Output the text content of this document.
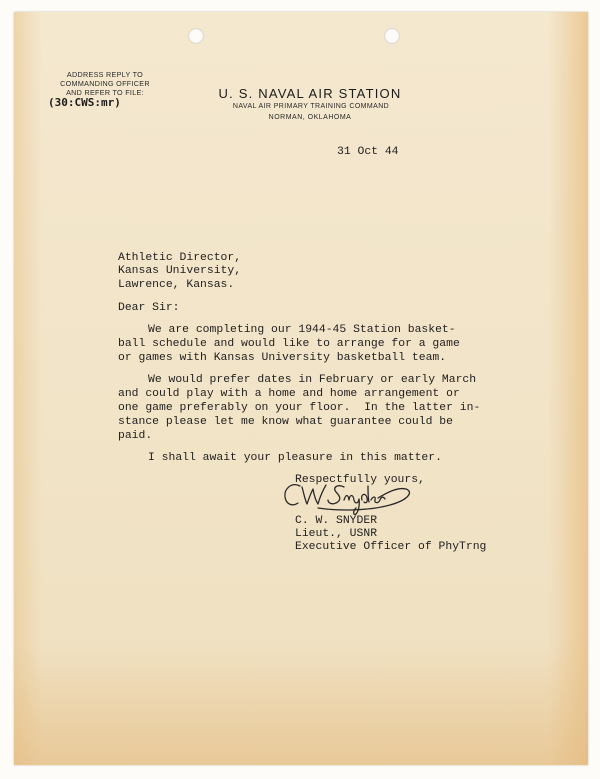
ADDRESS REPLY TO
COMMANDING OFFICER
AND REFER TO FILE:
(30:CWS:mr)
U. S. NAVAL AIR STATION
NAVAL AIR PRIMARY TRAINING COMMAND
NORMAN, OKLAHOMA
31 Oct 44
Athletic Director,
Kansas University,
Lawrence, Kansas.
Dear Sir:
We are completing our 1944-45 Station basket-
ball schedule and would like to arrange for a game
or games with Kansas University basketball team.
We would prefer dates in February or early March
and could play with a home and home arrangement or
one game preferably on your floor.  In the latter in-
stance please let me know what guarantee could be
paid.
I shall await your pleasure in this matter.
Respectfully yours,
C. W. SNYDER
Lieut., USNR
Executive Officer of PhyTrng
